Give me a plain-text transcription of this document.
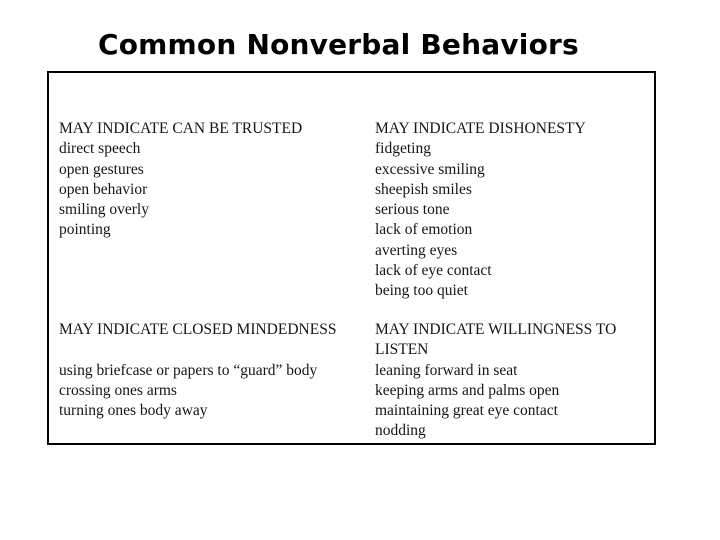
Common Nonverbal Behaviors
MAY INDICATE CAN BE TRUSTED
direct speech
open gestures
open behavior
smiling overly
pointing
MAY INDICATE DISHONESTY
fidgeting
excessive smiling
sheepish smiles
serious tone
lack of emotion
averting eyes
lack of eye contact
being too quiet
MAY INDICATE CLOSED MINDEDNESS
using briefcase or papers to “guard” body
crossing ones arms
turning ones body away
MAY INDICATE WILLINGNESS TO LISTEN
leaning forward in seat
keeping arms and palms open
maintaining great eye contact
nodding
